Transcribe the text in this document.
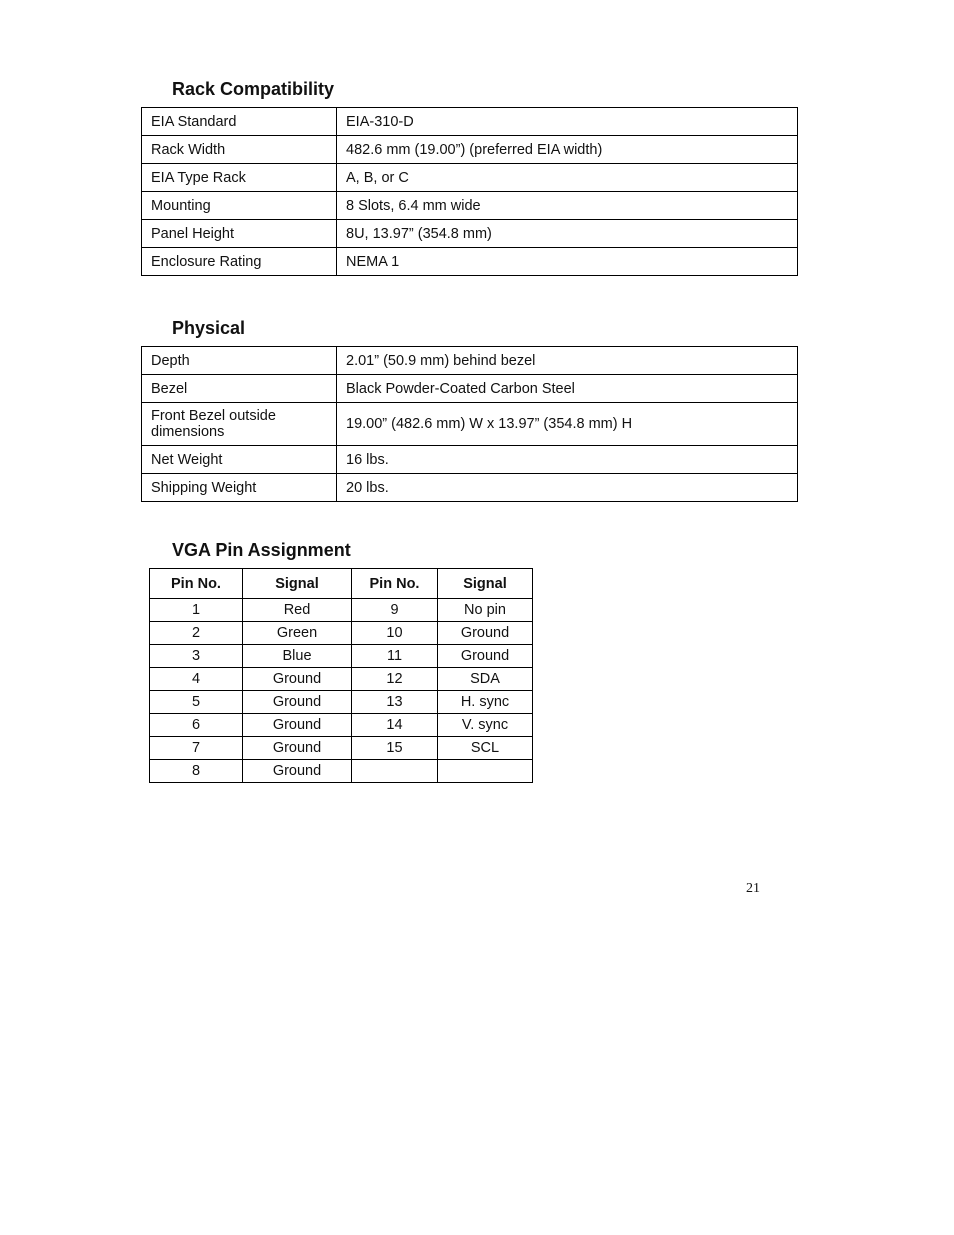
Rack Compatibility
EIA Standard	EIA-310-D
Rack Width	482.6 mm (19.00”) (preferred EIA width)
EIA Type Rack	A, B, or C
Mounting	8 Slots, 6.4 mm wide
Panel Height	8U, 13.97” (354.8 mm)
Enclosure Rating	NEMA 1
Physical
Depth	2.01” (50.9 mm) behind bezel
Bezel	Black Powder-Coated Carbon Steel
Front Bezel outside dimensions	19.00” (482.6 mm) W x 13.97” (354.8 mm) H
Net Weight	16 lbs.
Shipping Weight	20 lbs.
VGA Pin Assignment
Pin No.	Signal	Pin No.	Signal
1	Red	9	No pin
2	Green	10	Ground
3	Blue	11	Ground
4	Ground	12	SDA
5	Ground	13	H. sync
6	Ground	14	V. sync
7	Ground	15	SCL
8	Ground		
21
